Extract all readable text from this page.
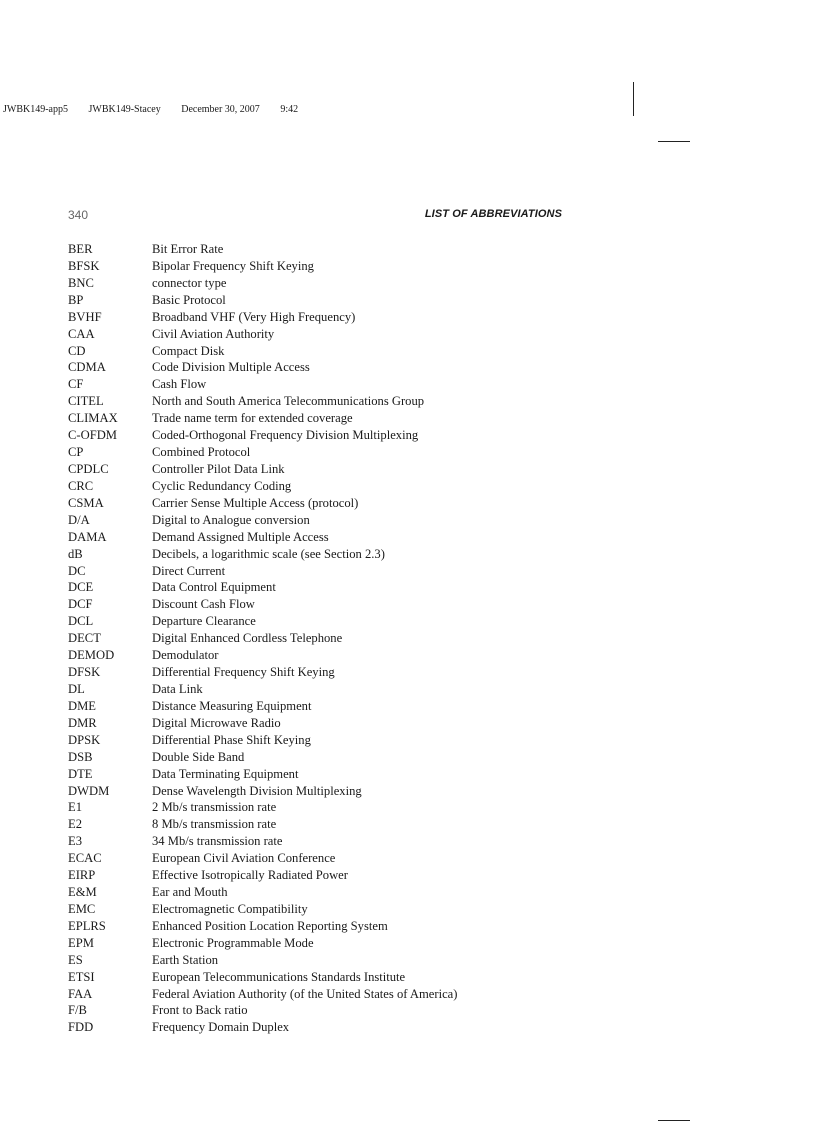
JWBK149-app5 JWBK149-Stacey December 30, 2007 9:42
340	LIST OF ABBREVIATIONS
BER	Bit Error Rate
BFSK	Bipolar Frequency Shift Keying
BNC	connector type
BP	Basic Protocol
BVHF	Broadband VHF (Very High Frequency)
CAA	Civil Aviation Authority
CD	Compact Disk
CDMA	Code Division Multiple Access
CF	Cash Flow
CITEL	North and South America Telecommunications Group
CLIMAX	Trade name term for extended coverage
C-OFDM	Coded-Orthogonal Frequency Division Multiplexing
CP	Combined Protocol
CPDLC	Controller Pilot Data Link
CRC	Cyclic Redundancy Coding
CSMA	Carrier Sense Multiple Access (protocol)
D/A	Digital to Analogue conversion
DAMA	Demand Assigned Multiple Access
dB	Decibels, a logarithmic scale (see Section 2.3)
DC	Direct Current
DCE	Data Control Equipment
DCF	Discount Cash Flow
DCL	Departure Clearance
DECT	Digital Enhanced Cordless Telephone
DEMOD	Demodulator
DFSK	Differential Frequency Shift Keying
DL	Data Link
DME	Distance Measuring Equipment
DMR	Digital Microwave Radio
DPSK	Differential Phase Shift Keying
DSB	Double Side Band
DTE	Data Terminating Equipment
DWDM	Dense Wavelength Division Multiplexing
E1	2 Mb/s transmission rate
E2	8 Mb/s transmission rate
E3	34 Mb/s transmission rate
ECAC	European Civil Aviation Conference
EIRP	Effective Isotropically Radiated Power
E&M	Ear and Mouth
EMC	Electromagnetic Compatibility
EPLRS	Enhanced Position Location Reporting System
EPM	Electronic Programmable Mode
ES	Earth Station
ETSI	European Telecommunications Standards Institute
FAA	Federal Aviation Authority (of the United States of America)
F/B	Front to Back ratio
FDD	Frequency Domain Duplex
